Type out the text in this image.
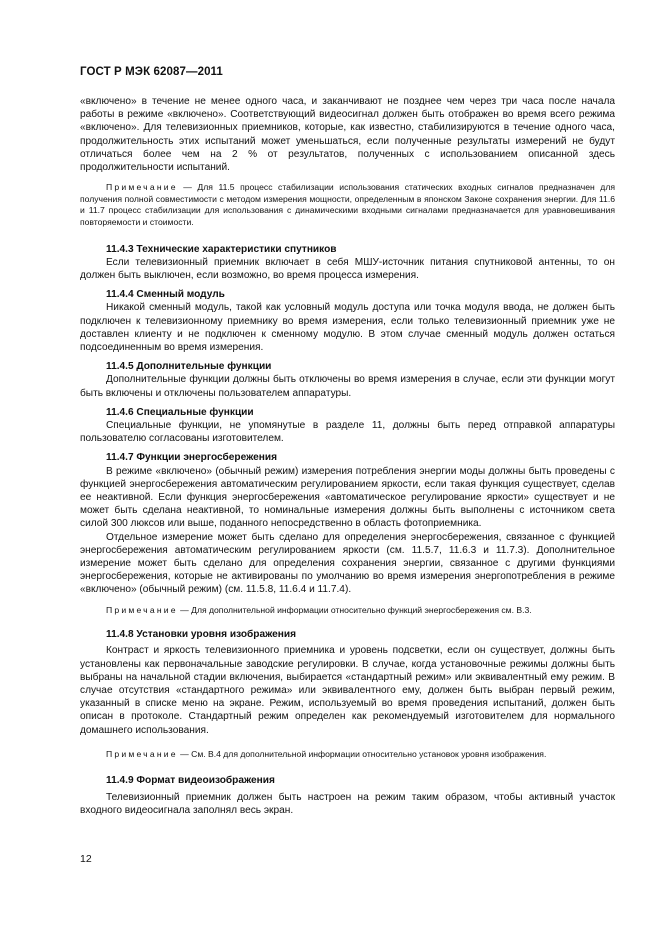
ГОСТ Р МЭК 62087—2011

«включено» в течение не менее одного часа, и заканчивают не позднее чем через три часа после начала работы в режиме «включено». Соответствующий видеосигнал должен быть отображен во время всего режима «включено». Для телевизионных приемников, которые, как известно, стабилизируются в течение одного часа, продолжительность этих испытаний может уменьшаться, если полученные результаты измерений не будут отличаться более чем на 2 % от результатов, полученных с использованием описанной здесь продолжительности испытаний.

Примечание — Для 11.5 процесс стабилизации использования статических входных сигналов предназначен для получения полной совместимости с методом измерения мощности, определенным в японском Законе сохранения энергии. Для 11.6 и 11.7 процесс стабилизации для использования с динамическими входными сигналами предназначается для уравновешивания повторяемости и стоимости.

11.4.3 Технические характеристики спутников

Если телевизионный приемник включает в себя МШУ-источник питания спутниковой антенны, то он должен быть выключен, если возможно, во время процесса измерения.

11.4.4 Сменный модуль

Никакой сменный модуль, такой как условный модуль доступа или точка модуля ввода, не должен быть подключен к телевизионному приемнику во время измерения, если только телевизионный приемник уже не доставлен клиенту и не подключен к сменному модулю. В этом случае сменный модуль должен остаться подсоединенным во время измерения.

11.4.5 Дополнительные функции

Дополнительные функции должны быть отключены во время измерения в случае, если эти функции могут быть включены и отключены пользователем аппаратуры.

11.4.6 Специальные функции

Специальные функции, не упомянутые в разделе 11, должны быть перед отправкой аппаратуры пользователю согласованы изготовителем.

11.4.7 Функции энергосбережения

В режиме «включено» (обычный режим) измерения потребления энергии моды должны быть проведены с функцией энергосбережения автоматическим регулированием яркости, если такая функция существует, сделав ее неактивной. Если функция энергосбережения «автоматическое регулирование яркости» существует и не может быть сделана неактивной, то номинальные измерения должны быть выполнены с источником света силой 300 люксов или выше, поданного непосредственно в область фотоприемника.

Отдельное измерение может быть сделано для определения энергосбережения, связанное с функцией энергосбережения автоматическим регулированием яркости (см. 11.5.7, 11.6.3 и 11.7.3). Дополнительное измерение может быть сделано для определения сохранения энергии, связанное с другими функциями энергосбережения, которые не активированы по умолчанию во время измерения энергопотребления в режиме «включено» (обычный режим) (см. 11.5.8, 11.6.4 и 11.7.4).

Примечание — Для дополнительной информации относительно функций энергосбережения см. В.3.

11.4.8 Установки уровня изображения

Контраст и яркость телевизионного приемника и уровень подсветки, если он существует, должны быть установлены как первоначальные заводские регулировки. В случае, когда установочные режимы должны быть выбраны на начальной стадии включения, выбирается «стандартный режим» или эквивалентный ему режим. В случае отсутствия «стандартного режима» или эквивалентного ему, должен быть выбран первый режим, указанный в списке меню на экране. Режим, используемый во время проведения испытаний, должен быть описан в протоколе. Стандартный режим определен как рекомендуемый изготовителем для нормального домашнего использования.

Примечание — См. В.4 для дополнительной информации относительно установок уровня изображения.

11.4.9 Формат видеоизображения

Телевизионный приемник должен быть настроен на режим таким образом, чтобы активный участок входного видеосигнала заполнял весь экран.

12
